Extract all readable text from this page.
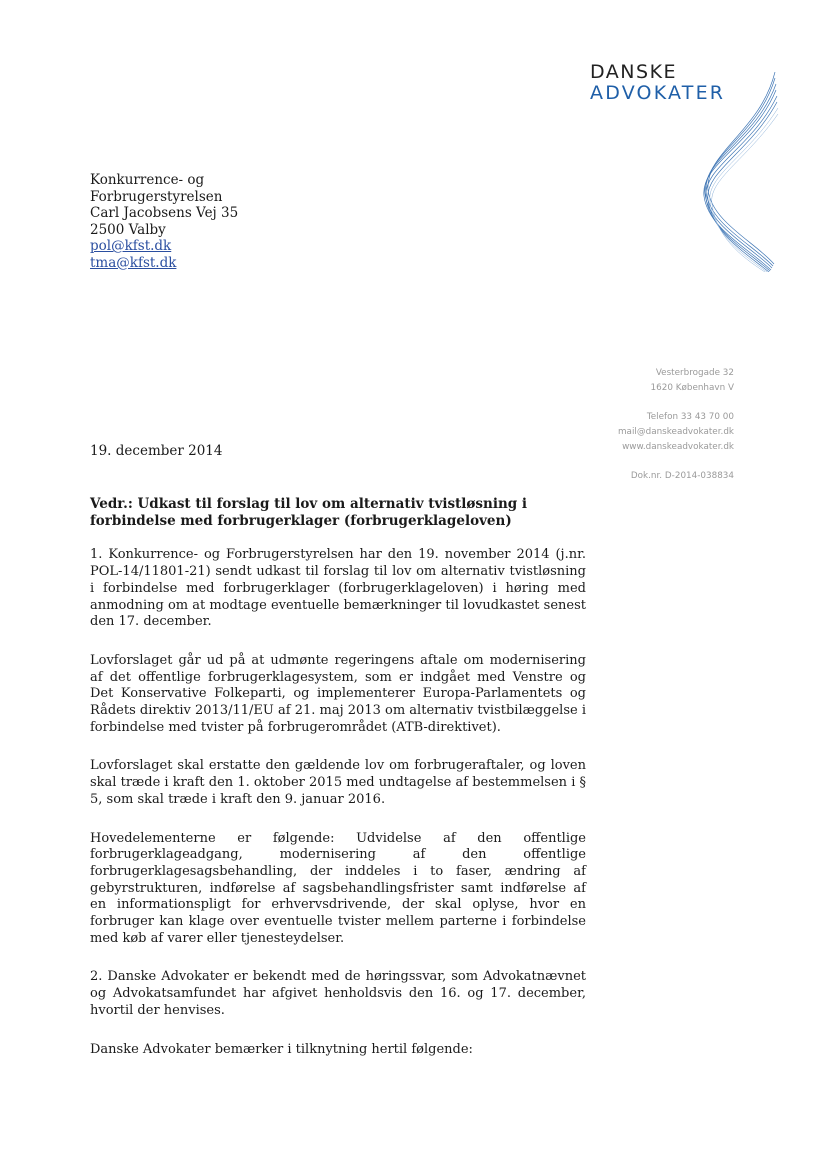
DANSKE
ADVOKATER
Konkurrence- og
Forbrugerstyrelsen
Carl Jacobsens Vej 35
2500 Valby
pol@kfst.dk
tma@kfst.dk
Vesterbrogade 32
1620 København V
Telefon 33 43 70 00
mail@danskeadvokater.dk
www.danskeadvokater.dk
Dok.nr. D-2014-038834
19. december 2014

Vedr.: Udkast til forslag til lov om alternativ tvistløsning i forbindelse med forbrugerklager (forbrugerklageloven)

1. Konkurrence- og Forbrugerstyrelsen har den 19. november 2014 (j.nr. POL-14/11801-21) sendt udkast til forslag til lov om alternativ tvistløsning i forbindelse med forbrugerklager (forbrugerklageloven) i høring med anmodning om at modtage eventuelle bemærkninger til lovudkastet senest den 17. december.

Lovforslaget går ud på at udmønte regeringens aftale om modernisering af det offentlige forbrugerklagesystem, som er indgået med Venstre og Det Konservative Folkeparti, og implementerer Europa-Parlamentets og Rådets direktiv 2013/11/EU af 21. maj 2013 om alternativ tvistbilæggelse i forbindelse med tvister på forbrugerområdet (ATB-direktivet).

Lovforslaget skal erstatte den gældende lov om forbrugeraftaler, og loven skal træde i kraft den 1. oktober 2015 med undtagelse af bestemmelsen i § 5, som skal træde i kraft den 9. januar 2016.

Hovedelementerne er følgende: Udvidelse af den offentlige forbrugerklageadgang, modernisering af den offentlige forbrugerklagesagsbehandling, der inddeles i to faser, ændring af gebyrstrukturen, indførelse af sagsbehandlingsfrister samt indførelse af en informationspligt for erhvervsdrivende, der skal oplyse, hvor en forbruger kan klage over eventuelle tvister mellem parterne i forbindelse med køb af varer eller tjenesteydelser.

2. Danske Advokater er bekendt med de høringssvar, som Advokatnævnet og Advokatsamfundet har afgivet henholdsvis den 16. og 17. december, hvortil der henvises.

Danske Advokater bemærker i tilknytning hertil følgende:
